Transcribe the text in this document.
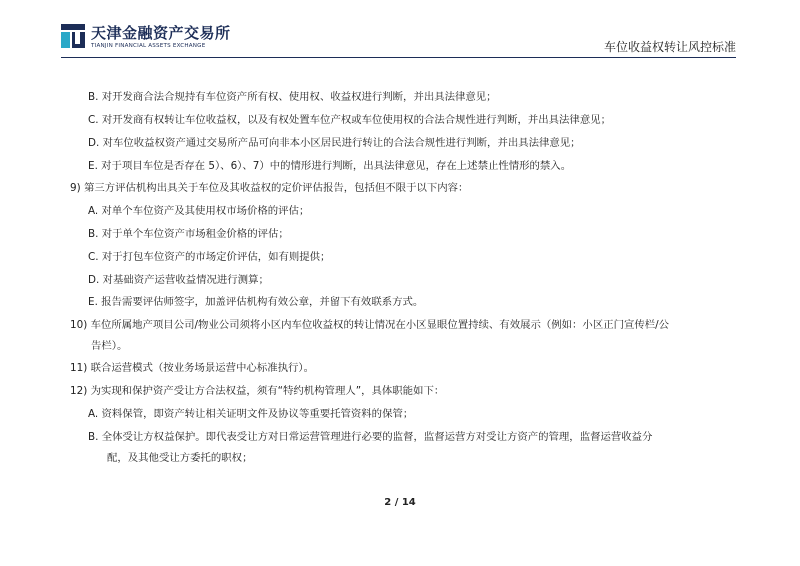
天津金融资产交易所
TIANJIN FINANCIAL ASSETS EXCHANGE	车位收益权转让风控标准
B. 对开发商合法合规持有车位资产所有权、使用权、收益权进行判断，并出具法律意见；
C. 对开发商有权转让车位收益权，以及有权处置车位产权或车位使用权的合法合规性进行判断，并出具法律意见；
D. 对车位收益权资产通过交易所产品可向非本小区居民进行转让的合法合规性进行判断，并出具法律意见；
E. 对于项目车位是否存在 5）、6）、7）中的情形进行判断，出具法律意见，存在上述禁止性情形的禁入。
9) 第三方评估机构出具关于车位及其收益权的定价评估报告，包括但不限于以下内容：
A. 对单个车位资产及其使用权市场价格的评估；
B. 对于单个车位资产市场租金价格的评估；
C. 对于打包车位资产的市场定价评估，如有则提供；
D. 对基础资产运营收益情况进行测算；
E. 报告需要评估师签字，加盖评估机构有效公章，并留下有效联系方式。
10) 车位所属地产项目公司/物业公司须将小区内车位收益权的转让情况在小区显眼位置持续、有效展示（例如：小区正门宣传栏/公
告栏）。
11) 联合运营模式（按业务场景运营中心标准执行）。
12) 为实现和保护资产受让方合法权益，须有“特约机构管理人”，具体职能如下：
A. 资料保管，即资产转让相关证明文件及协议等重要托管资料的保管；
B. 全体受让方权益保护。即代表受让方对日常运营管理进行必要的监督，监督运营方对受让方资产的管理，监督运营收益分
配，及其他受让方委托的职权；
2 / 14
